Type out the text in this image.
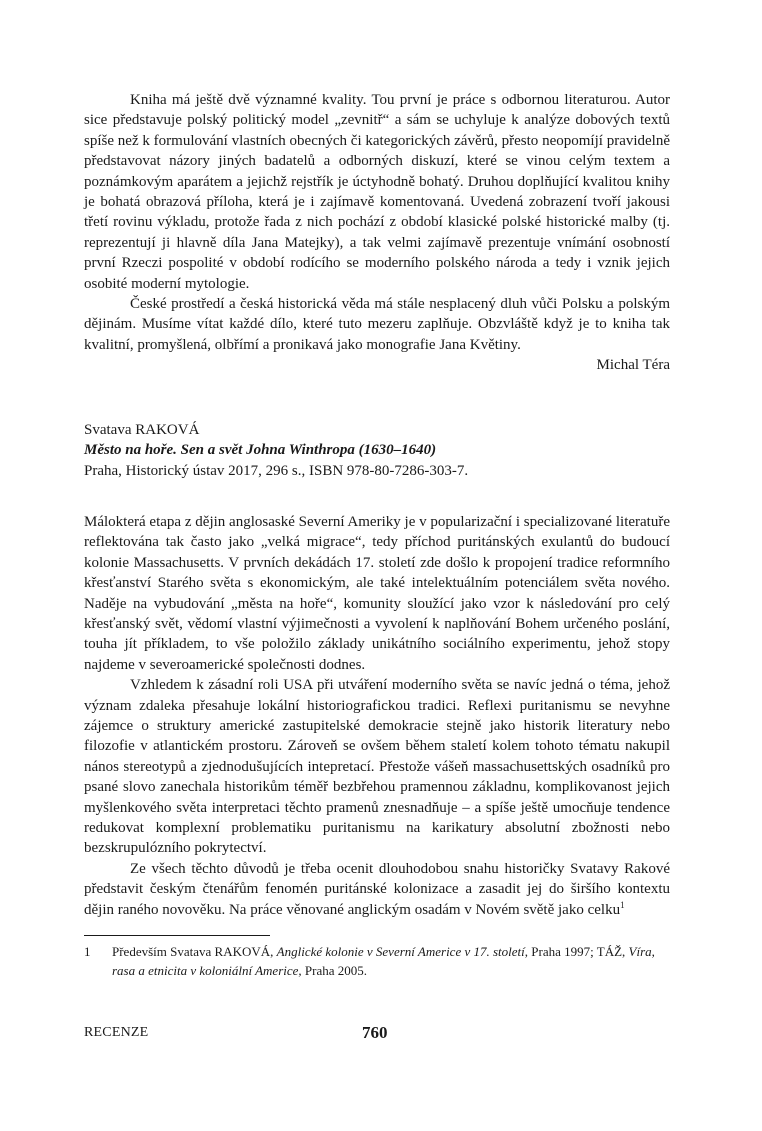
Kniha má ještě dvě významné kvality. Tou první je práce s odbornou literaturou. Autor sice představuje polský politický model „zevnitř“ a sám se uchyluje k analýze dobových textů spíše než k formulování vlastních obecných či kategorických závěrů, přesto neopomíjí pravidelně představovat názory jiných badatelů a odborných diskuzí, které se vinou celým textem a poznámkovým aparátem a jejichž rejstřík je úctyhodně bohatý. Druhou doplňující kvalitou knihy je bohatá obrazová příloha, která je i zajímavě komentovaná. Uvedená zobrazení tvoří jakousi třetí rovinu výkladu, protože řada z nich pochází z období klasické polské historické malby (tj. reprezentují ji hlavně díla Jana Matejky), a tak velmi zajímavě prezentuje vnímání osobností první Rzeczi pospolité v období rodícího se moderního polského národa a tedy i vznik jejich osobité moderní mytologie.

České prostředí a česká historická věda má stále nesplacený dluh vůči Polsku a polským dějinám. Musíme vítat každé dílo, které tuto mezeru zaplňuje. Obzvláště když je to kniha tak kvalitní, promyšlená, olbřímí a pronikavá jako monografie Jana Květiny.

Michal Téra

Svatava RAKOVÁ
Město na hoře. Sen a svět Johna Winthropa (1630–1640)
Praha, Historický ústav 2017, 296 s., ISBN 978-80-7286-303-7.

Málokterá etapa z dějin anglosaské Severní Ameriky je v popularizační i specializované literatuře reflektována tak často jako „velká migrace“, tedy příchod puritánských exulantů do budoucí kolonie Massachusetts. V prvních dekádách 17. století zde došlo k propojení tradice reformního křesťanství Starého světa s ekonomickým, ale také intelektuálním potenciálem světa nového. Naděje na vybudování „města na hoře“, komunity sloužící jako vzor k následování pro celý křesťanský svět, vědomí vlastní výjimečnosti a vyvolení k naplňování Bohem určeného poslání, touha jít příkladem, to vše položilo základy unikátního sociálního experimentu, jehož stopy najdeme v severoamerické společnosti dodnes.

Vzhledem k zásadní roli USA při utváření moderního světa se navíc jedná o téma, jehož význam zdaleka přesahuje lokální historiografickou tradici. Reflexi puritanismu se nevyhne zájemce o struktury americké zastupitelské demokracie stejně jako historik literatury nebo filozofie v atlantickém prostoru. Zároveň se ovšem během staletí kolem tohoto tématu nakupil nános stereotypů a zjednodušujících intepretací. Přestože vášeň massachusettských osadníků pro psané slovo zanechala historikům téměř bezbřehou pramennou základnu, komplikovanost jejich myšlenkového světa interpretaci těchto pramenů znesnadňuje – a spíše ještě umocňuje tendence redukovat komplexní problematiku puritanismu na karikatury absolutní zbožnosti nebo bezskrupulózního pokrytectví.

Ze všech těchto důvodů je třeba ocenit dlouhodobou snahu historičky Svatavy Rakové představit českým čtenářům fenomén puritánské kolonizace a zasadit jej do širšího kontextu dějin raného novověku. Na práce věnované anglickým osadám v Novém světě jako celku$^1$

1 Především Svatava RAKOVÁ, Anglické kolonie v Severní Americe v 17. století, Praha 1997; TÁŽ, Víra, rasa a etnicita v koloniální Americe, Praha 2005.
RECENZE	760
